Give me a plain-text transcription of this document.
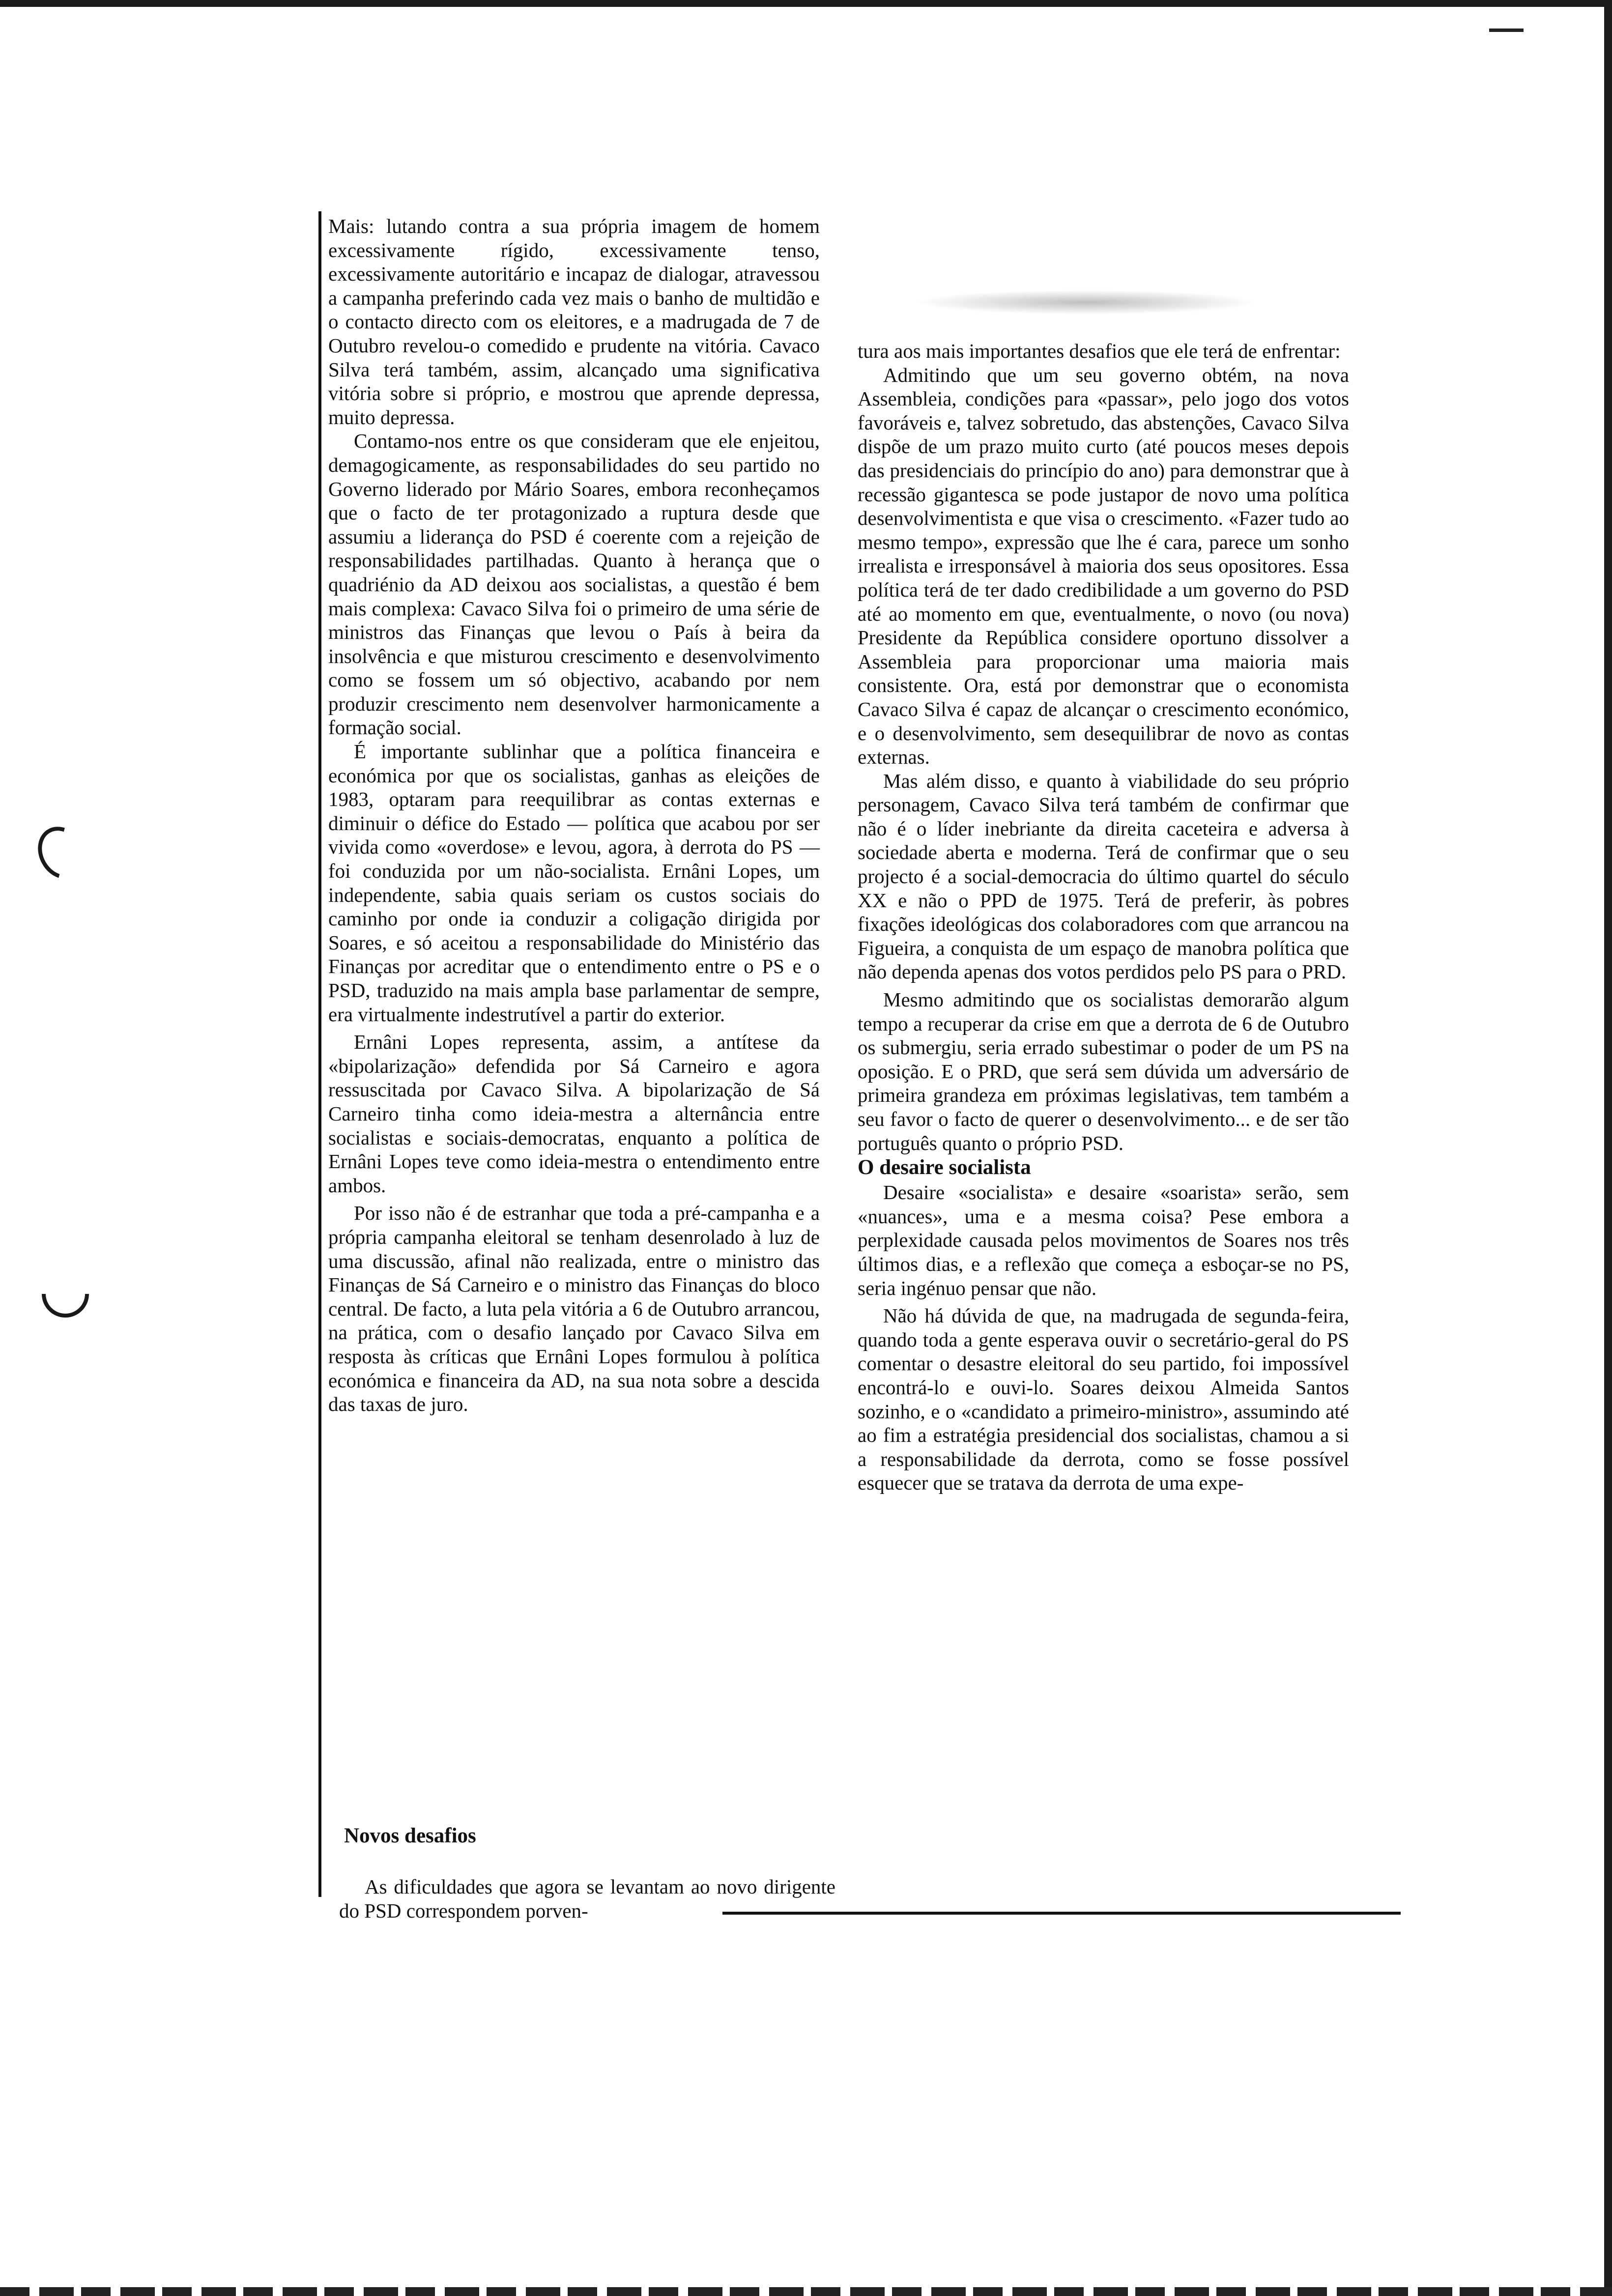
Mais: lutando contra a sua própria imagem de homem excessivamente rígido, excessivamente tenso, excessivamente autoritário e incapaz de dialogar, atravessou a campanha preferindo cada vez mais o banho de multidão e o contacto directo com os eleitores, e a madrugada de 7 de Outubro revelou-o comedido e prudente na vitória. Cavaco Silva terá também, assim, alcançado uma significativa vitória sobre si próprio, e mostrou que aprende depressa, muito depressa.

Contamo-nos entre os que consideram que ele enjeitou, demagogicamente, as responsabilidades do seu partido no Governo liderado por Mário Soares, embora reconheçamos que o facto de ter protagonizado a ruptura desde que assumiu a liderança do PSD é coerente com a rejeição de responsabilidades partilhadas. Quanto à herança que o quadriénio da AD deixou aos socialistas, a questão é bem mais complexa: Cavaco Silva foi o primeiro de uma série de ministros das Finanças que levou o País à beira da insolvência e que misturou crescimento e desenvolvimento como se fossem um só objectivo, acabando por nem produzir crescimento nem desenvolver harmonicamente a formação social.

É importante sublinhar que a política financeira e económica por que os socialistas, ganhas as eleições de 1983, optaram para reequilibrar as contas externas e diminuir o défice do Estado — política que acabou por ser vivida como «overdose» e levou, agora, à derrota do PS — foi conduzida por um não-socialista. Ernâni Lopes, um independente, sabia quais seriam os custos sociais do caminho por onde ia conduzir a coligação dirigida por Soares, e só aceitou a responsabilidade do Ministério das Finanças por acreditar que o entendimento entre o PS e o PSD, traduzido na mais ampla base parlamentar de sempre, era virtualmente indestrutível a partir do exterior.

Ernâni Lopes representa, assim, a antítese da «bipolarização» defendida por Sá Carneiro e agora ressuscitada por Cavaco Silva. A bipolarização de Sá Carneiro tinha como ideia-mestra a alternância entre socialistas e sociais-democratas, enquanto a política de Ernâni Lopes teve como ideia-mestra o entendimento entre ambos.

Por isso não é de estranhar que toda a pré-campanha e a própria campanha eleitoral se tenham desenrolado à luz de uma discussão, afinal não realizada, entre o ministro das Finanças de Sá Carneiro e o ministro das Finanças do bloco central. De facto, a luta pela vitória a 6 de Outubro arrancou, na prática, com o desafio lançado por Cavaco Silva em resposta às críticas que Ernâni Lopes formulou à política económica e financeira da AD, na sua nota sobre a descida das taxas de juro.

Novos desafios

As dificuldades que agora se levantam ao novo dirigente do PSD correspondem porven-

tura aos mais importantes desafios que ele terá de enfrentar:

Admitindo que um seu governo obtém, na nova Assembleia, condições para «passar», pelo jogo dos votos favoráveis e, talvez sobretudo, das abstenções, Cavaco Silva dispõe de um prazo muito curto (até poucos meses depois das presidenciais do princípio do ano) para demonstrar que à recessão gigantesca se pode justapor de novo uma política desenvolvimentista e que visa o crescimento. «Fazer tudo ao mesmo tempo», expressão que lhe é cara, parece um sonho irrealista e irresponsável à maioria dos seus opositores. Essa política terá de ter dado credibilidade a um governo do PSD até ao momento em que, eventualmente, o novo (ou nova) Presidente da República considere oportuno dissolver a Assembleia para proporcionar uma maioria mais consistente. Ora, está por demonstrar que o economista Cavaco Silva é capaz de alcançar o crescimento económico, e o desenvolvimento, sem desequilibrar de novo as contas externas.

Mas além disso, e quanto à viabilidade do seu próprio personagem, Cavaco Silva terá também de confirmar que não é o líder inebriante da direita caceteira e adversa à sociedade aberta e moderna. Terá de confirmar que o seu projecto é a social-democracia do último quartel do século XX e não o PPD de 1975. Terá de preferir, às pobres fixações ideológicas dos colaboradores com que arrancou na Figueira, a conquista de um espaço de manobra política que não dependa apenas dos votos perdidos pelo PS para o PRD.

Mesmo admitindo que os socialistas demorarão algum tempo a recuperar da crise em que a derrota de 6 de Outubro os submergiu, seria errado subestimar o poder de um PS na oposição. E o PRD, que será sem dúvida um adversário de primeira grandeza em próximas legislativas, tem também a seu favor o facto de querer o desenvolvimento... e de ser tão português quanto o próprio PSD.

O desaire socialista

Desaire «socialista» e desaire «soarista» serão, sem «nuances», uma e a mesma coisa? Pese embora a perplexidade causada pelos movimentos de Soares nos três últimos dias, e a reflexão que começa a esboçar-se no PS, seria ingénuo pensar que não.

Não há dúvida de que, na madrugada de segunda-feira, quando toda a gente esperava ouvir o secretário-geral do PS comentar o desastre eleitoral do seu partido, foi impossível encontrá-lo e ouvi-lo. Soares deixou Almeida Santos sozinho, e o «candidato a primeiro-ministro», assumindo até ao fim a estratégia presidencial dos socialistas, chamou a si a responsabilidade da derrota, como se fosse possível esquecer que se tratava da derrota de uma expe-
